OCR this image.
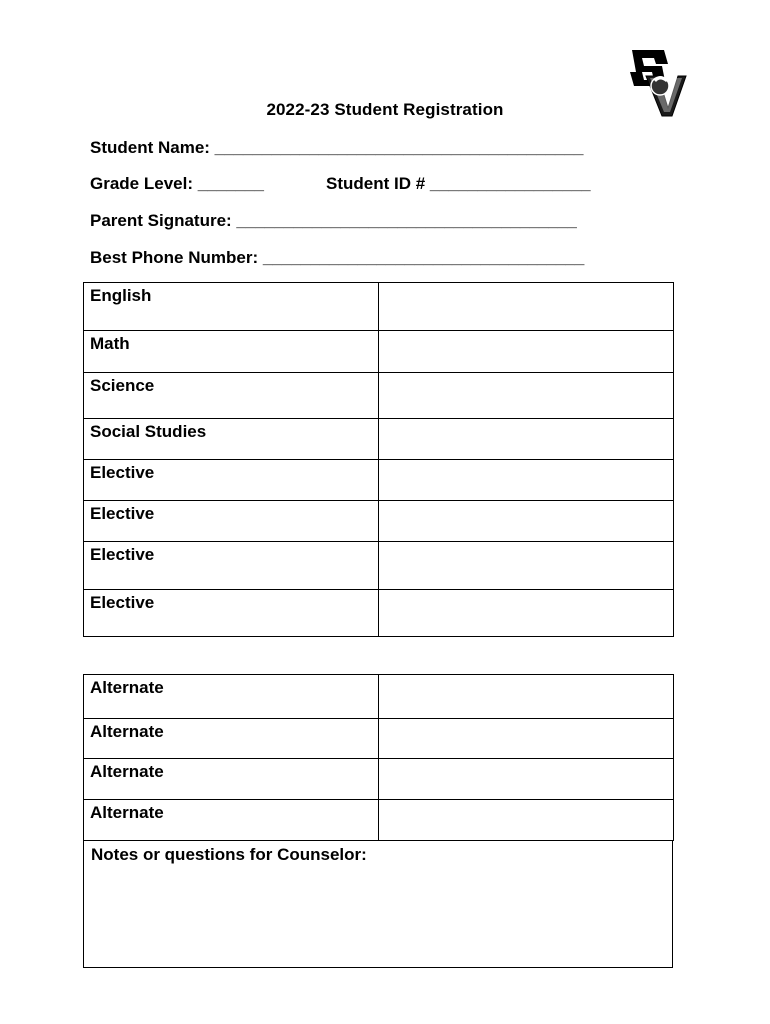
2022-23 Student Registration
Student Name: _______________________________________
Grade Level: _______	Student ID # _________________
Parent Signature: ____________________________________
Best Phone Number: __________________________________
English	
Math	
Science	
Social Studies	
Elective	
Elective	
Elective	
Elective	
Alternate	
Alternate	
Alternate	
Alternate	
Notes or questions for Counselor:
